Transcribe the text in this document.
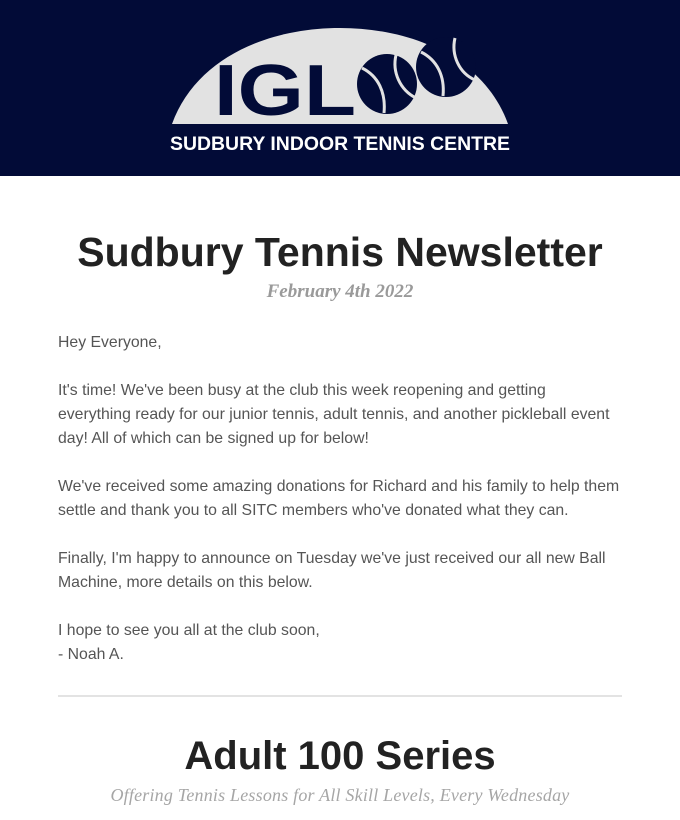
IGL
SUDBURY INDOOR TENNIS CENTRE
Sudbury Tennis Newsletter
February 4th 2022

Hey Everyone,

It's time! We've been busy at the club this week reopening and getting everything ready for our junior tennis, adult tennis, and another pickleball event day! All of which can be signed up for below!

We've received some amazing donations for Richard and his family to help them settle and thank you to all SITC members who've donated what they can.

Finally, I'm happy to announce on Tuesday we've just received our all new Ball Machine, more details on this below.

I hope to see you all at the club soon,
- Noah A.

Adult 100 Series
Offering Tennis Lessons for All Skill Levels, Every Wednesday
